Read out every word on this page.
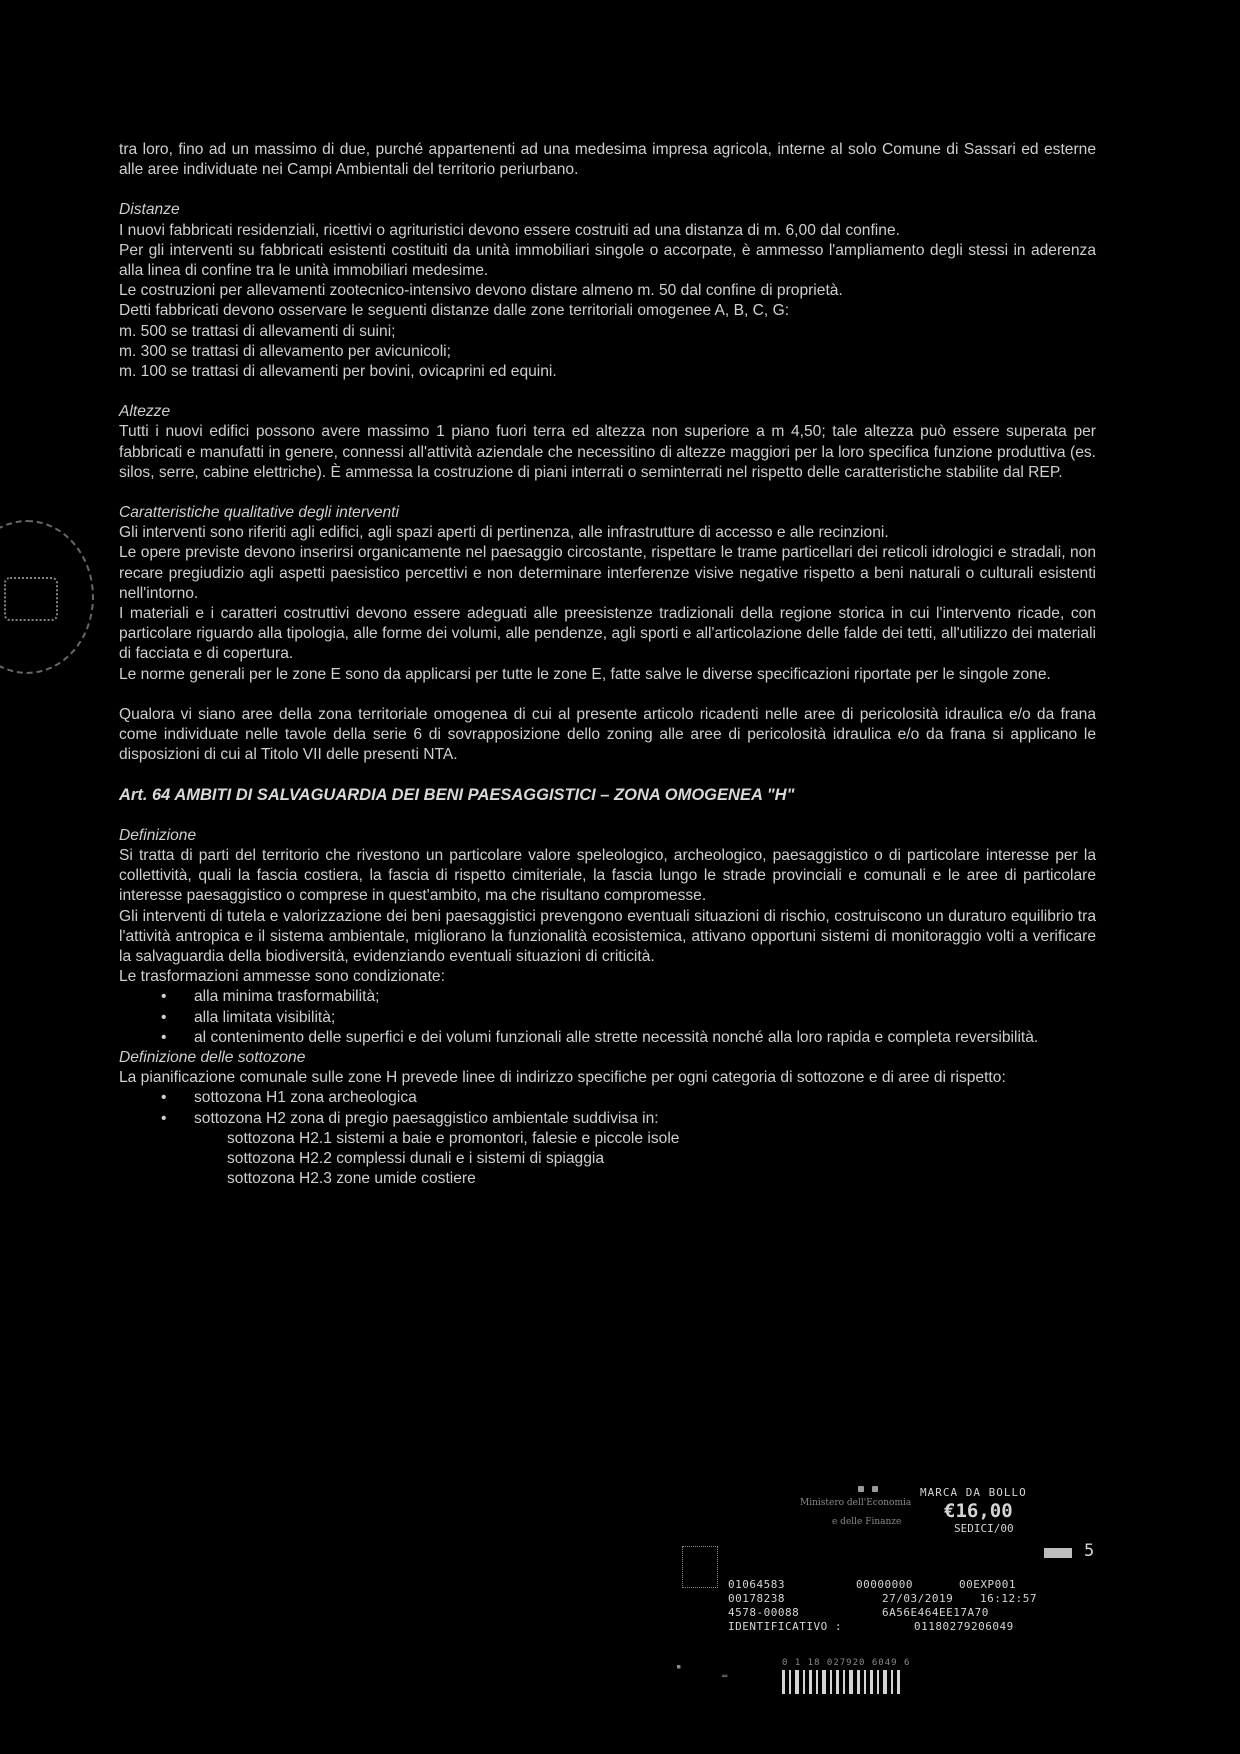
tra loro, fino ad un massimo di due, purché appartenenti ad una medesima impresa agricola, interne al solo Comune di Sassari ed esterne alle aree individuate nei Campi Ambientali del territorio periurbano.

Distanze

I nuovi fabbricati residenziali, ricettivi o agrituristici devono essere costruiti ad una distanza di m. 6,00 dal confine.

Per gli interventi su fabbricati esistenti costituiti da unità immobiliari singole o accorpate, è ammesso l'ampliamento degli stessi in aderenza alla linea di confine tra le unità immobiliari medesime.

Le costruzioni per allevamenti zootecnico-intensivo devono distare almeno m. 50 dal confine di proprietà.

Detti fabbricati devono osservare le seguenti distanze dalle zone territoriali omogenee A, B, C, G:

m. 500 se trattasi di allevamenti di suini;

m. 300 se trattasi di allevamento per avicunicoli;

m. 100 se trattasi di allevamenti per bovini, ovicaprini ed equini.

Altezze

Tutti i nuovi edifici possono avere massimo 1 piano fuori terra ed altezza non superiore a m 4,50; tale altezza può essere superata per fabbricati e manufatti in genere, connessi all'attività aziendale che necessitino di altezze maggiori per la loro specifica funzione produttiva (es. silos, serre, cabine elettriche). È ammessa la costruzione di piani interrati o seminterrati nel rispetto delle caratteristiche stabilite dal REP.

Caratteristiche qualitative degli interventi

Gli interventi sono riferiti agli edifici, agli spazi aperti di pertinenza, alle infrastrutture di accesso e alle recinzioni.

Le opere previste devono inserirsi organicamente nel paesaggio circostante, rispettare le trame particellari dei reticoli idrologici e stradali, non recare pregiudizio agli aspetti paesistico percettivi e non determinare interferenze visive negative rispetto a beni naturali o culturali esistenti nell'intorno.

I materiali e i caratteri costruttivi devono essere adeguati alle preesistenze tradizionali della regione storica in cui l'intervento ricade, con particolare riguardo alla tipologia, alle forme dei volumi, alle pendenze, agli sporti e all'articolazione delle falde dei tetti, all'utilizzo dei materiali di facciata e di copertura.

Le norme generali per le zone E sono da applicarsi per tutte le zone E, fatte salve le diverse specificazioni riportate per le singole zone.

Qualora vi siano aree della zona territoriale omogenea di cui al presente articolo ricadenti nelle aree di pericolosità idraulica e/o da frana come individuate nelle tavole della serie 6 di sovrapposizione dello zoning alle aree di pericolosità idraulica e/o da frana si applicano le disposizioni di cui al Titolo VII delle presenti NTA.

Art. 64 AMBITI DI SALVAGUARDIA DEI BENI PAESAGGISTICI – ZONA OMOGENEA "H"

Definizione

Si tratta di parti del territorio che rivestono un particolare valore speleologico, archeologico, paesaggistico o di particolare interesse per la collettività, quali la fascia costiera, la fascia di rispetto cimiteriale, la fascia lungo le strade provinciali e comunali e le aree di particolare interesse paesaggistico o comprese in quest'ambito, ma che risultano compromesse.

Gli interventi di tutela e valorizzazione dei beni paesaggistici prevengono eventuali situazioni di rischio, costruiscono un duraturo equilibrio tra l'attività antropica e il sistema ambientale, migliorano la funzionalità ecosistemica, attivano opportuni sistemi di monitoraggio volti a verificare la salvaguardia della biodiversità, evidenziando eventuali situazioni di criticità.

Le trasformazioni ammesse sono condizionate:

• alla minima trasformabilità;
• alla limitata visibilità;
• al contenimento delle superfici e dei volumi funzionali alle strette necessità nonché alla loro rapida e completa reversibilità.

Definizione delle sottozone

La pianificazione comunale sulle zone H prevede linee di indirizzo specifiche per ogni categoria di sottozone e di aree di rispetto:

• sottozona H1 zona archeologica
• sottozona H2 zona di pregio paesaggistico ambientale suddivisa in:

sottozona H2.1 sistemi a baie e promontori, falesie e piccole isole

sottozona H2.2 complessi dunali e i sistemi di spiaggia

sottozona H2.3 zone umide costiere

MARCA DA BOLLO
Ministero dell'Economia €16,00
e delle Finanze	SEDICI/00
5
01064583	00000000	00EXP001
00178238	27/03/2019 16:12:57
4578-00088	6A56E464EE17A70
IDENTIFICATIVO :	01180279206049
▪
═
0 1 18 027920 6049 6
